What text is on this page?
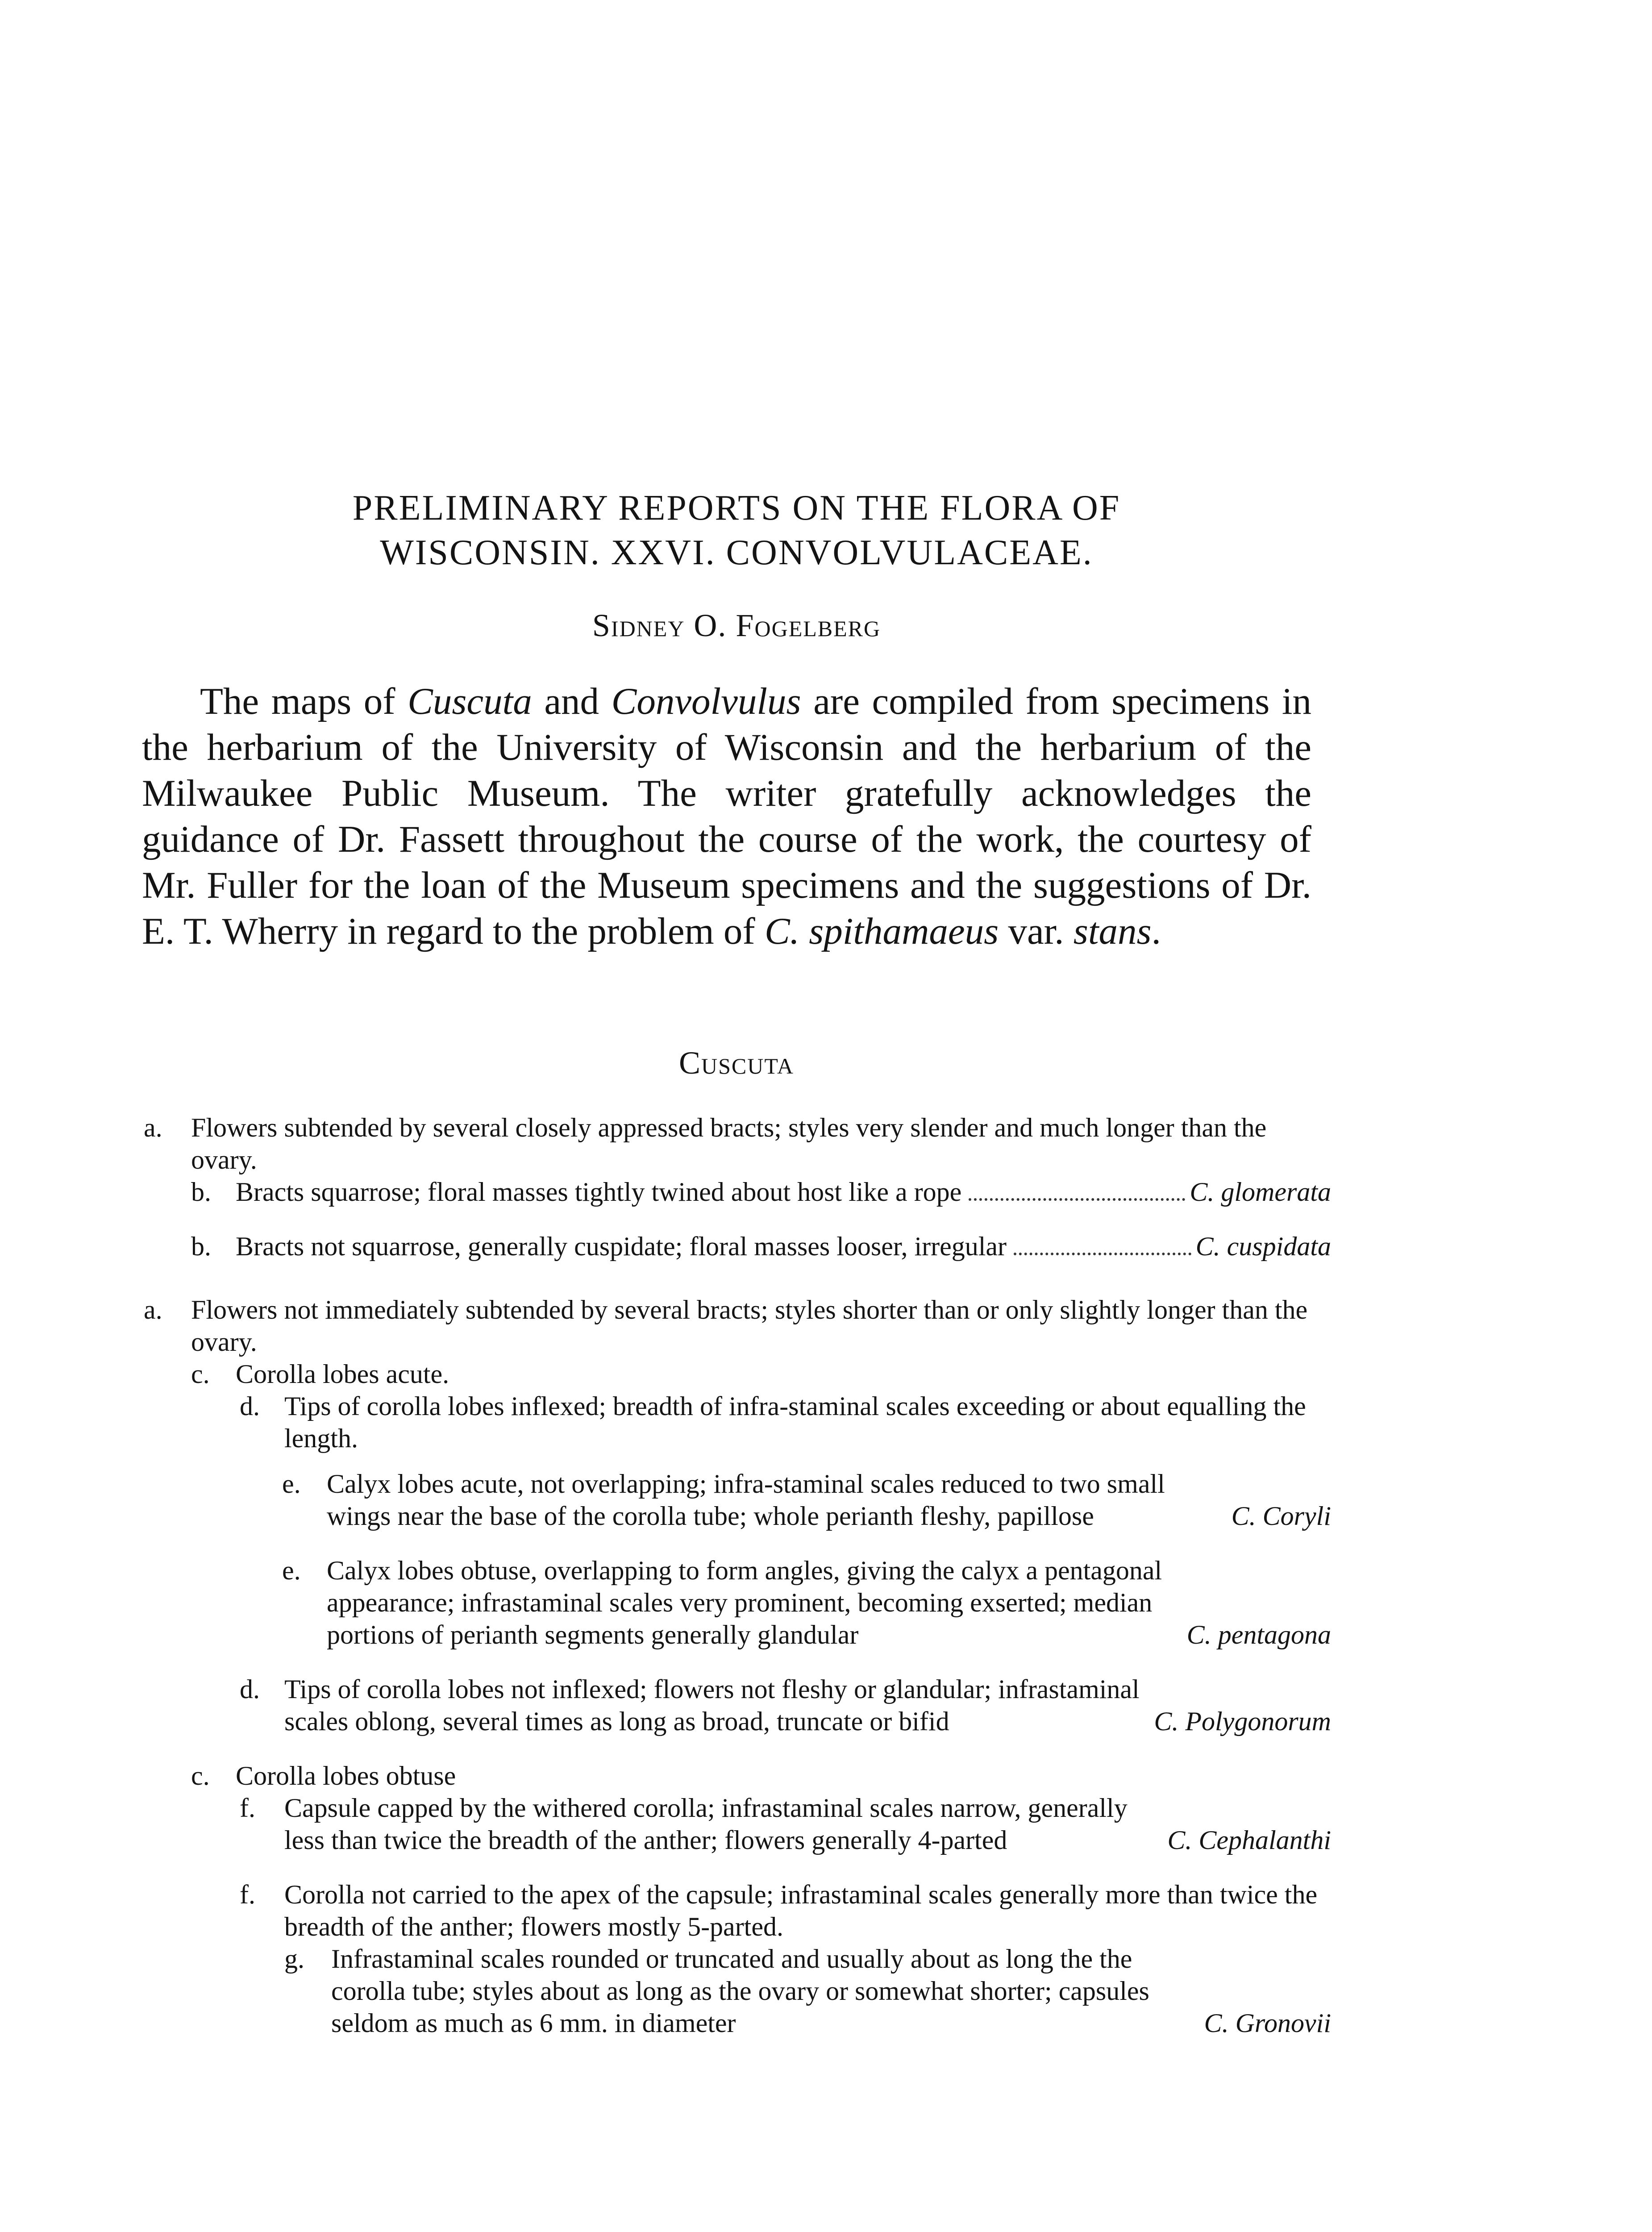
PRELIMINARY REPORTS ON THE FLORA OF
WISCONSIN. XXVI. CONVOLVULACEAE.
Sidney O. Fogelberg

The maps of Cuscuta and Convolvulus are compiled from specimens in the herbarium of the University of Wisconsin and the herbarium of the Milwaukee Public Museum. The writer gratefully acknowledges the guidance of Dr. Fassett throughout the course of the work, the courtesy of Mr. Fuller for the loan of the Museum specimens and the suggestions of Dr. E. T. Wherry in regard to the problem of C. spithamaeus var. stans.

Cuscuta
a.	Flowers subtended by several closely appressed bracts; styles very slender and much longer than the ovary.
b. Bracts squarrose; floral masses tightly twined about host like a rope	C. glomerata
b. Bracts not squarrose, generally cuspidate; floral masses looser, irregular	C. cuspidata
a.	Flowers not immediately subtended by several bracts; styles shorter than or only slightly longer than the ovary.
c. Corolla lobes acute.
d. Tips of corolla lobes inflexed; breadth of infra-staminal scales exceeding or about equalling the length.
e. Calyx lobes acute, not overlapping; infra-staminal scales reduced to two small wings near the base of the corolla tube; whole perianth fleshy, papillose	C. Coryli
e. Calyx lobes obtuse, overlapping to form angles, giving the calyx a pentagonal appearance; infrastaminal scales very prominent, becoming exserted; median portions of perianth segments generally glandular	C. pentagona
d. Tips of corolla lobes not inflexed; flowers not fleshy or glandular; infrastaminal scales oblong, several times as long as broad, truncate or bifid	C. Polygonorum
c. Corolla lobes obtuse
f. Capsule capped by the withered corolla; infrastaminal scales narrow, generally less than twice the breadth of the anther; flowers generally 4-parted	C. Cephalanthi
f.	Corolla not carried to the apex of the capsule; infrastaminal scales generally more than twice the breadth of the anther; flowers mostly 5-parted.
g. Infrastaminal scales rounded or truncated and usually about as long the the corolla tube; styles about as long as the ovary or somewhat shorter; capsules seldom as much as 6 mm. in diameter	C. Gronovii
